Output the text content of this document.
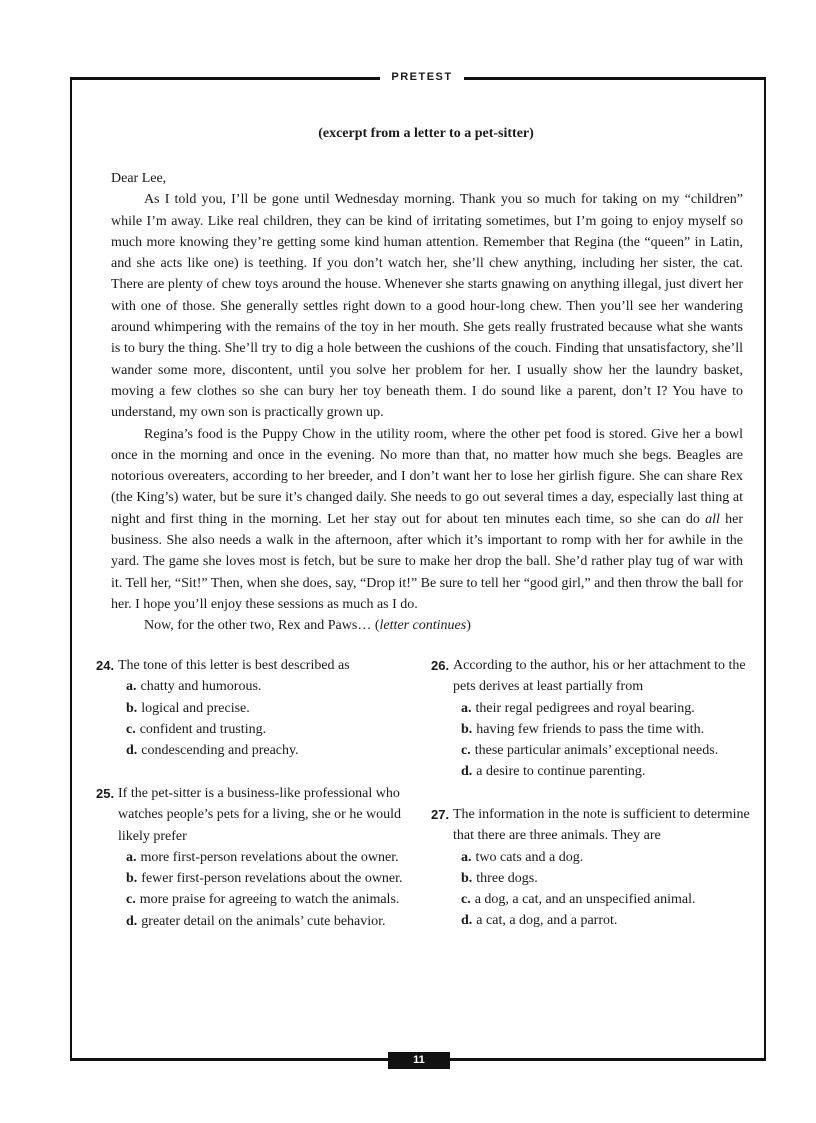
PRETEST
(excerpt from a letter to a pet-sitter)

Dear Lee,

As I told you, I’ll be gone until Wednesday morning. Thank you so much for taking on my “children” while I’m away. Like real children, they can be kind of irritating sometimes, but I’m going to enjoy myself so much more knowing they’re getting some kind human attention. Remember that Regina (the “queen” in Latin, and she acts like one) is teething. If you don’t watch her, she’ll chew anything, including her sister, the cat. There are plenty of chew toys around the house. Whenever she starts gnawing on anything illegal, just divert her with one of those. She generally settles right down to a good hour-long chew. Then you’ll see her wandering around whimpering with the remains of the toy in her mouth. She gets really frustrated because what she wants is to bury the thing. She’ll try to dig a hole between the cushions of the couch. Finding that unsatisfactory, she’ll wander some more, discontent, until you solve her problem for her. I usually show her the laundry basket, moving a few clothes so she can bury her toy beneath them. I do sound like a parent, don’t I? You have to understand, my own son is practically grown up.

Regina’s food is the Puppy Chow in the utility room, where the other pet food is stored. Give her a bowl once in the morning and once in the evening. No more than that, no matter how much she begs. Beagles are notorious overeaters, according to her breeder, and I don’t want her to lose her girlish figure. She can share Rex (the King’s) water, but be sure it’s changed daily. She needs to go out several times a day, especially last thing at night and first thing in the morning. Let her stay out for about ten minutes each time, so she can do all her business. She also needs a walk in the afternoon, after which it’s important to romp with her for awhile in the yard. The game she loves most is fetch, but be sure to make her drop the ball. She’d rather play tug of war with it. Tell her, “Sit!” Then, when she does, say, “Drop it!” Be sure to tell her “good girl,” and then throw the ball for her. I hope you’ll enjoy these sessions as much as I do.

Now, for the other two, Rex and Paws… (letter continues)

24. The tone of this letter is best described as
a. chatty and humorous.
b. logical and precise.
c. confident and trusting.
d. condescending and preachy.
25. If the pet-sitter is a business-like professional who watches people’s pets for a living, she or he would likely prefer
a. more first-person revelations about the owner.
b. fewer first-person revelations about the owner.
c. more praise for agreeing to watch the animals.
d. greater detail on the animals’ cute behavior.
26. According to the author, his or her attachment to the pets derives at least partially from
a. their regal pedigrees and royal bearing.
b. having few friends to pass the time with.
c. these particular animals’ exceptional needs.
d. a desire to continue parenting.
27. The information in the note is sufficient to determine that there are three animals. They are
a. two cats and a dog.
b. three dogs.
c. a dog, a cat, and an unspecified animal.
d. a cat, a dog, and a parrot.
11
